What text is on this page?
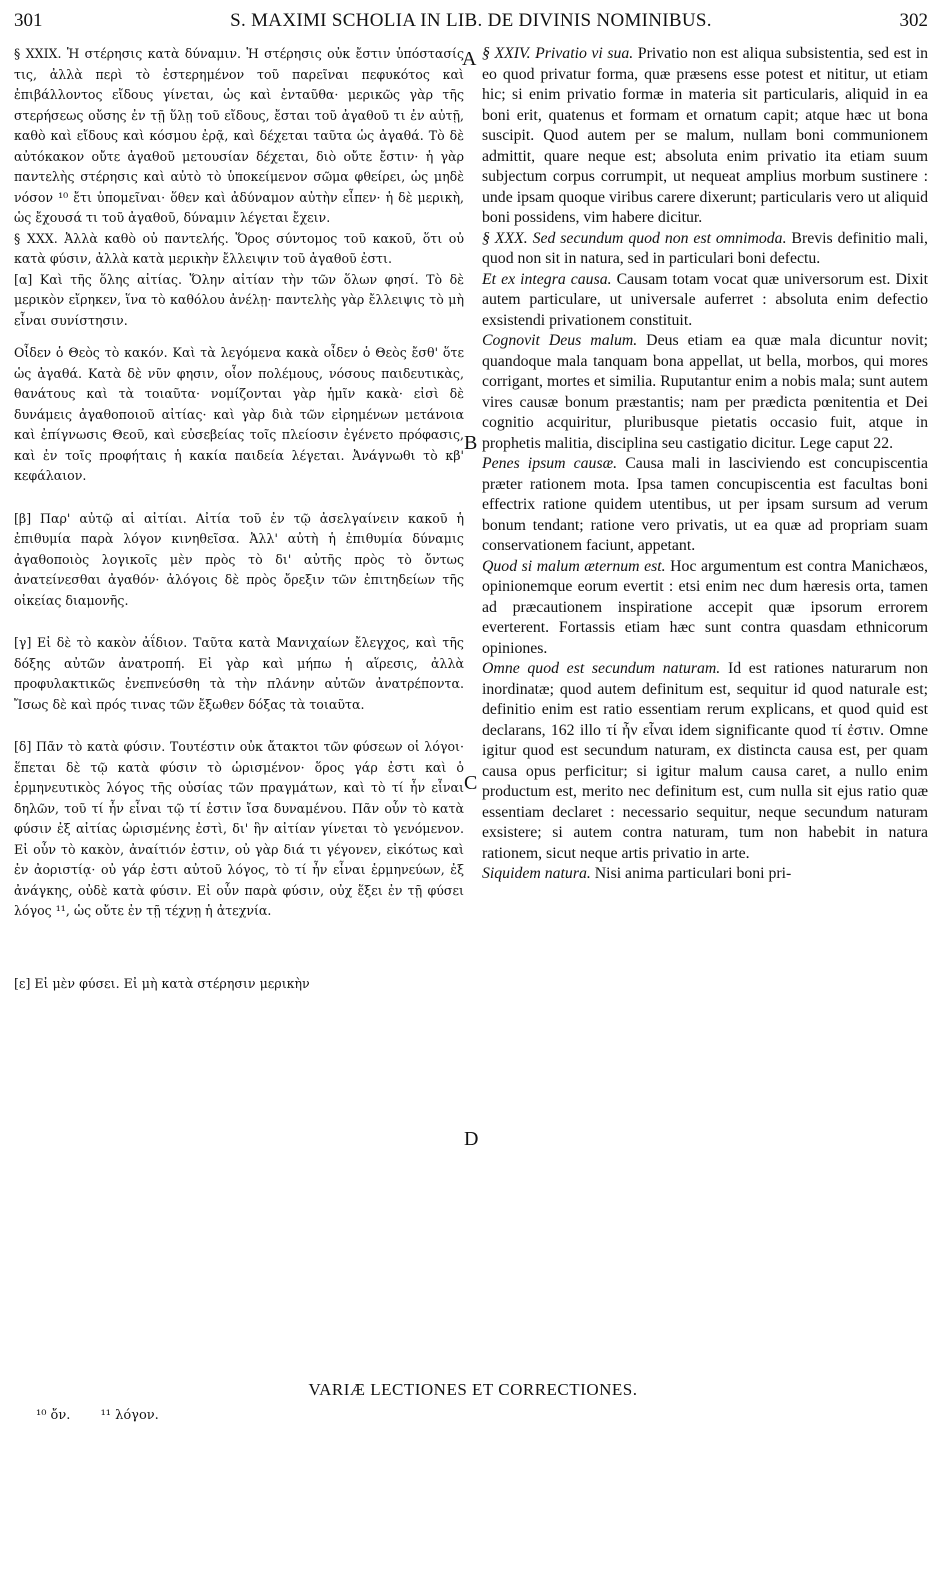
301	S. MAXIMI SCHOLIA IN LIB. DE DIVINIS NOMINIBUS.	302
A
B
C
D

§ XXIX. Ἡ στέρησις κατὰ δύναμιν. Ἡ στέρησις οὐκ ἔστιν ὑπόστασίς τις, ἀλλὰ περὶ τὸ ἐστερημένον τοῦ παρεῖναι πεφυκότος καὶ ἐπιβάλλοντος εἴδους γίνεται, ὡς καὶ ἐνταῦθα· μερικῶς γὰρ τῆς στερήσεως οὔσης ἐν τῇ ὕλῃ τοῦ εἴδους, ἔσται τοῦ ἀγαθοῦ τι ἐν αὐτῇ, καθὸ καὶ εἴδους καὶ κόσμου ἐρᾷ, καὶ δέχεται ταῦτα ὡς ἀγαθά. Τὸ δὲ αὐτόκακον οὔτε ἀγαθοῦ μετουσίαν δέχεται, διὸ οὔτε ἔστιν· ἡ γὰρ παντελὴς στέρησις καὶ αὐτὸ τὸ ὑποκείμενον σῶμα φθείρει, ὡς μηδὲ νόσον ¹⁰ ἔτι ὑπομεῖναι· ὅθεν καὶ ἀδύναμον αὐτὴν εἶπεν· ἡ δὲ μερικὴ, ὡς ἔχουσά τι τοῦ ἀγαθοῦ, δύναμιν λέγεται ἔχειν.

§ XXX. Ἀλλὰ καθὸ οὐ παντελής. Ὅρος σύντομος τοῦ κακοῦ, ὅτι οὐ κατὰ φύσιν, ἀλλὰ κατὰ μερικὴν ἔλλειψιν τοῦ ἀγαθοῦ ἐστι.

[α] Καὶ τῆς ὅλης αἰτίας. Ὅλην αἰτίαν τὴν τῶν ὅλων φησί. Τὸ δὲ μερικὸν εἴρηκεν, ἵνα τὸ καθόλου ἀνέλῃ· παντελὴς γὰρ ἔλλειψις τὸ μὴ εἶναι συνίστησιν.

Οἶδεν ὁ Θεὸς τὸ κακόν. Καὶ τὰ λεγόμενα κακὰ οἶδεν ὁ Θεὸς ἔσθ' ὅτε ὡς ἀγαθά. Κατὰ δὲ νῦν φησιν, οἷον πολέμους, νόσους παιδευτικὰς, θανάτους καὶ τὰ τοιαῦτα· νομίζονται γὰρ ἡμῖν κακὰ· εἰσὶ δὲ δυνάμεις ἀγαθοποιοῦ αἰτίας· καὶ γὰρ διὰ τῶν εἰρημένων μετάνοια καὶ ἐπίγνωσις Θεοῦ, καὶ εὐσεβείας τοῖς πλείοσιν ἐγένετο πρόφασις, καὶ ἐν τοῖς προφήταις ἡ κακία παιδεία λέγεται. Ἀνάγνωθι τὸ κβ' κεφάλαιον.

[β] Παρ' αὐτῷ αἱ αἰτίαι. Αἰτία τοῦ ἐν τῷ ἀσελγαίνειν κακοῦ ἡ ἐπιθυμία παρὰ λόγον κινηθεῖσα. Ἀλλ' αὐτὴ ἡ ἐπιθυμία δύναμις ἀγαθοποιὸς λογικοῖς μὲν πρὸς τὸ δι' αὐτῆς πρὸς τὸ ὄντως ἀνατείνεσθαι ἀγαθόν· ἀλόγοις δὲ πρὸς ὄρεξιν τῶν ἐπιτηδείων τῆς οἰκείας διαμονῆς.

[γ] Εἰ δὲ τὸ κακὸν ἀΐδιον. Ταῦτα κατὰ Μανιχαίων ἔλεγχος, καὶ τῆς δόξης αὐτῶν ἀνατροπή. Εἰ γὰρ καὶ μήπω ἡ αἵρεσις, ἀλλὰ προφυλακτικῶς ἐνεπνεύσθη τὰ τὴν πλάνην αὐτῶν ἀνατρέποντα. Ἴσως δὲ καὶ πρός τινας τῶν ἔξωθεν δόξας τὰ τοιαῦτα.

[δ] Πᾶν τὸ κατὰ φύσιν. Τουτέστιν οὐκ ἄτακτοι τῶν φύσεων οἱ λόγοι· ἕπεται δὲ τῷ κατὰ φύσιν τὸ ὡρισμένον· ὅρος γάρ ἐστι καὶ ὁ ἑρμηνευτικὸς λόγος τῆς οὐσίας τῶν πραγμάτων, καὶ τὸ τί ἦν εἶναι δηλῶν, τοῦ τί ἦν εἶναι τῷ τί ἐστιν ἴσα δυναμένου. Πᾶν οὖν τὸ κατὰ φύσιν ἐξ αἰτίας ὡρισμένης ἐστὶ, δι' ἣν αἰτίαν γίνεται τὸ γενόμενον. Εἰ οὖν τὸ κακὸν, ἀναίτιόν ἐστιν, οὐ γὰρ διά τι γέγονεν, εἰκότως καὶ ἐν ἀοριστίᾳ· οὐ γάρ ἐστι αὐτοῦ λόγος, τὸ τί ἦν εἶναι ἑρμηνεύων, ἐξ ἀνάγκης, οὐδὲ κατὰ φύσιν. Εἰ οὖν παρὰ φύσιν, οὐχ ἕξει ἐν τῇ φύσει λόγος ¹¹, ὡς οὔτε ἐν τῇ τέχνῃ ἡ ἀτεχνία.

[ε] Εἰ μὲν φύσει. Εἰ μὴ κατὰ στέρησιν μερικὴν

§ XXIV. Privatio vi sua. Privatio non est aliqua subsistentia, sed est in eo quod privatur forma, quæ præsens esse potest et nititur, ut etiam hic; si enim privatio formæ in materia sit particularis, aliquid in ea boni erit, quatenus et formam et ornatum capit; atque hæc ut bona suscipit. Quod autem per se malum, nullam boni communionem admittit, quare neque est; absoluta enim privatio ita etiam suum subjectum corpus corrumpit, ut nequeat amplius morbum sustinere : unde ipsam quoque viribus carere dixerunt; particularis vero ut aliquid boni possidens, vim habere dicitur.

§ XXX. Sed secundum quod non est omnimoda. Brevis definitio mali, quod non sit in natura, sed in particulari boni defectu.

Et ex integra causa. Causam totam vocat quæ universorum est. Dixit autem particulare, ut universale auferret : absoluta enim defectio exsistendi privationem constituit.

Cognovit Deus malum. Deus etiam ea quæ mala dicuntur novit; quandoque mala tanquam bona appellat, ut bella, morbos, qui mores corrigant, mortes et similia. Ruputantur enim a nobis mala; sunt autem vires causæ bonum præstantis; nam per prædicta pœnitentia et Dei cognitio acquiritur, pluribusque pietatis occasio fuit, atque in prophetis malitia, disciplina seu castigatio dicitur. Lege caput 22.

Penes ipsum causæ. Causa mali in lasciviendo est concupiscentia præter rationem mota. Ipsa tamen concupiscentia est facultas boni effectrix ratione quidem utentibus, ut per ipsam sursum ad verum bonum tendant; ratione vero privatis, ut ea quæ ad propriam suam conservationem faciunt, appetant.

Quod si malum æternum est. Hoc argumentum est contra Manichæos, opinionemque eorum evertit : etsi enim nec dum hæresis orta, tamen ad præcautionem inspiratione accepit quæ ipsorum errorem everterent. Fortassis etiam hæc sunt contra quasdam ethnicorum opiniones.

Omne quod est secundum naturam. Id est rationes naturarum non inordinatæ; quod autem definitum est, sequitur id quod naturale est; definitio enim est ratio essentiam rerum explicans, et quod quid est declarans, 162 illo τί ἦν εἶναι idem significante quod τί ἐστιν. Omne igitur quod est secundum naturam, ex distincta causa est, per quam causa opus perficitur; si igitur malum causa caret, a nullo enim productum est, merito nec definitum est, cum nulla sit ejus ratio quæ essentiam declaret : necessario sequitur, neque secundum naturam exsistere; si autem contra naturam, tum non habebit in natura rationem, sicut neque artis privatio in arte.

Siquidem natura. Nisi anima particulari boni pri-

VARIÆ LECTIONES ET CORRECTIONES.
¹⁰ ὄν. ¹¹ λόγον.
